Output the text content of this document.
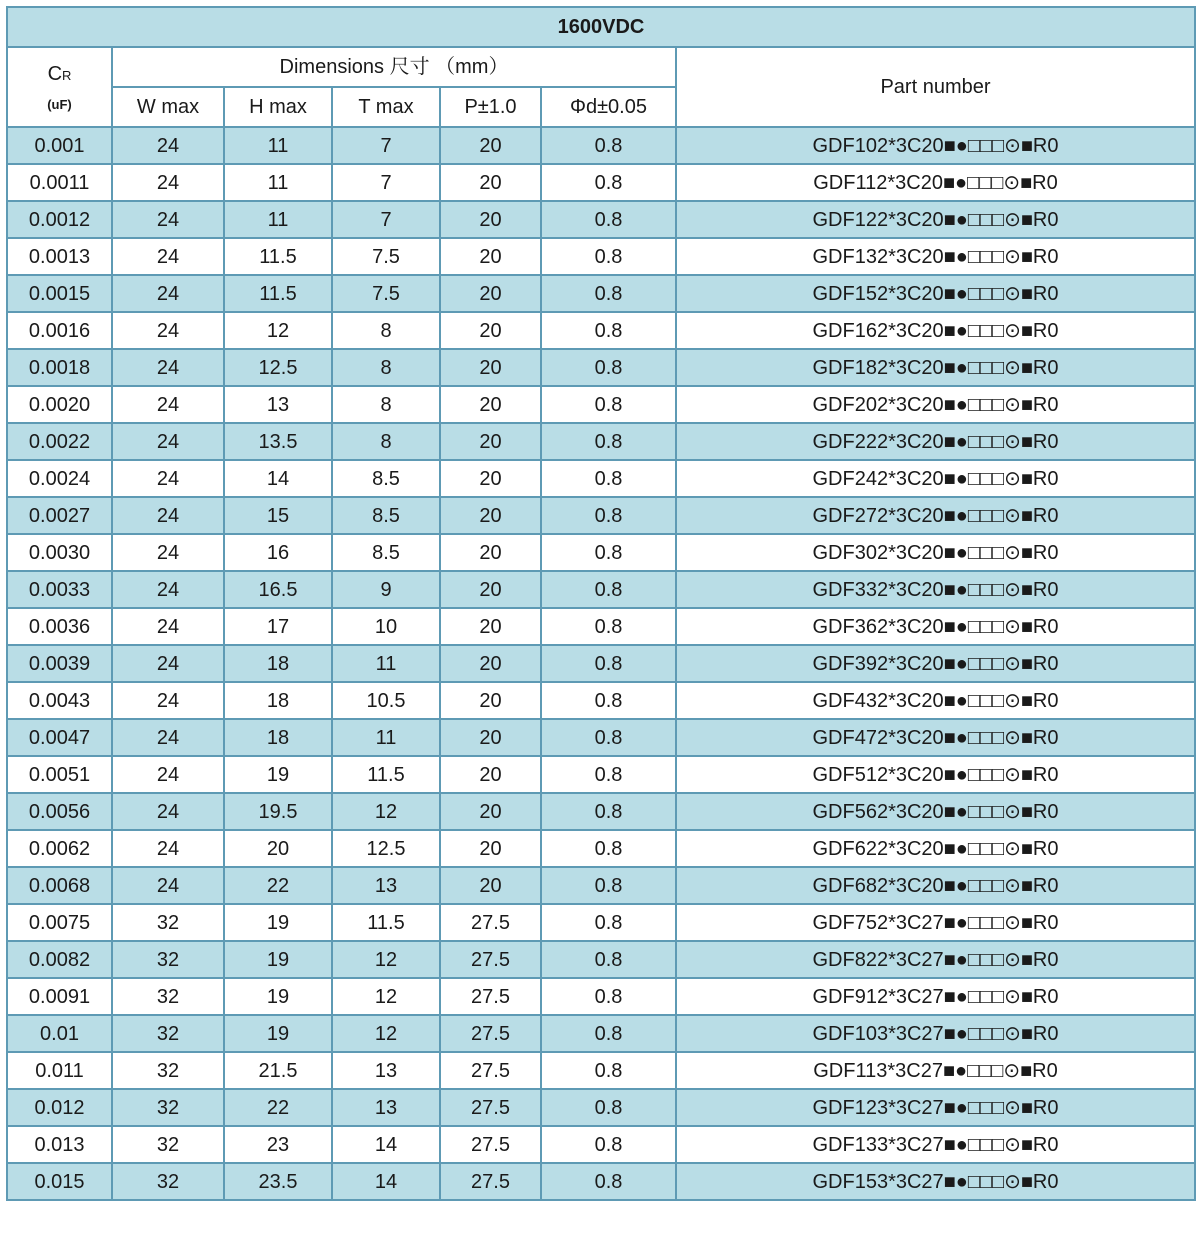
1600VDC						
CR
(uF)	Dimensions 尺寸 （mm）					Part number
	W max	H max	T max	P±1.0	Φd±0.05	
0.001	24	11	7	20	0.8	GDF102*3C20■●□□□⊙■R0
0.0011	24	11	7	20	0.8	GDF112*3C20■●□□□⊙■R0
0.0012	24	11	7	20	0.8	GDF122*3C20■●□□□⊙■R0
0.0013	24	11.5	7.5	20	0.8	GDF132*3C20■●□□□⊙■R0
0.0015	24	11.5	7.5	20	0.8	GDF152*3C20■●□□□⊙■R0
0.0016	24	12	8	20	0.8	GDF162*3C20■●□□□⊙■R0
0.0018	24	12.5	8	20	0.8	GDF182*3C20■●□□□⊙■R0
0.0020	24	13	8	20	0.8	GDF202*3C20■●□□□⊙■R0
0.0022	24	13.5	8	20	0.8	GDF222*3C20■●□□□⊙■R0
0.0024	24	14	8.5	20	0.8	GDF242*3C20■●□□□⊙■R0
0.0027	24	15	8.5	20	0.8	GDF272*3C20■●□□□⊙■R0
0.0030	24	16	8.5	20	0.8	GDF302*3C20■●□□□⊙■R0
0.0033	24	16.5	9	20	0.8	GDF332*3C20■●□□□⊙■R0
0.0036	24	17	10	20	0.8	GDF362*3C20■●□□□⊙■R0
0.0039	24	18	11	20	0.8	GDF392*3C20■●□□□⊙■R0
0.0043	24	18	10.5	20	0.8	GDF432*3C20■●□□□⊙■R0
0.0047	24	18	11	20	0.8	GDF472*3C20■●□□□⊙■R0
0.0051	24	19	11.5	20	0.8	GDF512*3C20■●□□□⊙■R0
0.0056	24	19.5	12	20	0.8	GDF562*3C20■●□□□⊙■R0
0.0062	24	20	12.5	20	0.8	GDF622*3C20■●□□□⊙■R0
0.0068	24	22	13	20	0.8	GDF682*3C20■●□□□⊙■R0
0.0075	32	19	11.5	27.5	0.8	GDF752*3C27■●□□□⊙■R0
0.0082	32	19	12	27.5	0.8	GDF822*3C27■●□□□⊙■R0
0.0091	32	19	12	27.5	0.8	GDF912*3C27■●□□□⊙■R0
0.01	32	19	12	27.5	0.8	GDF103*3C27■●□□□⊙■R0
0.011	32	21.5	13	27.5	0.8	GDF113*3C27■●□□□⊙■R0
0.012	32	22	13	27.5	0.8	GDF123*3C27■●□□□⊙■R0
0.013	32	23	14	27.5	0.8	GDF133*3C27■●□□□⊙■R0
0.015	32	23.5	14	27.5	0.8	GDF153*3C27■●□□□⊙■R0
